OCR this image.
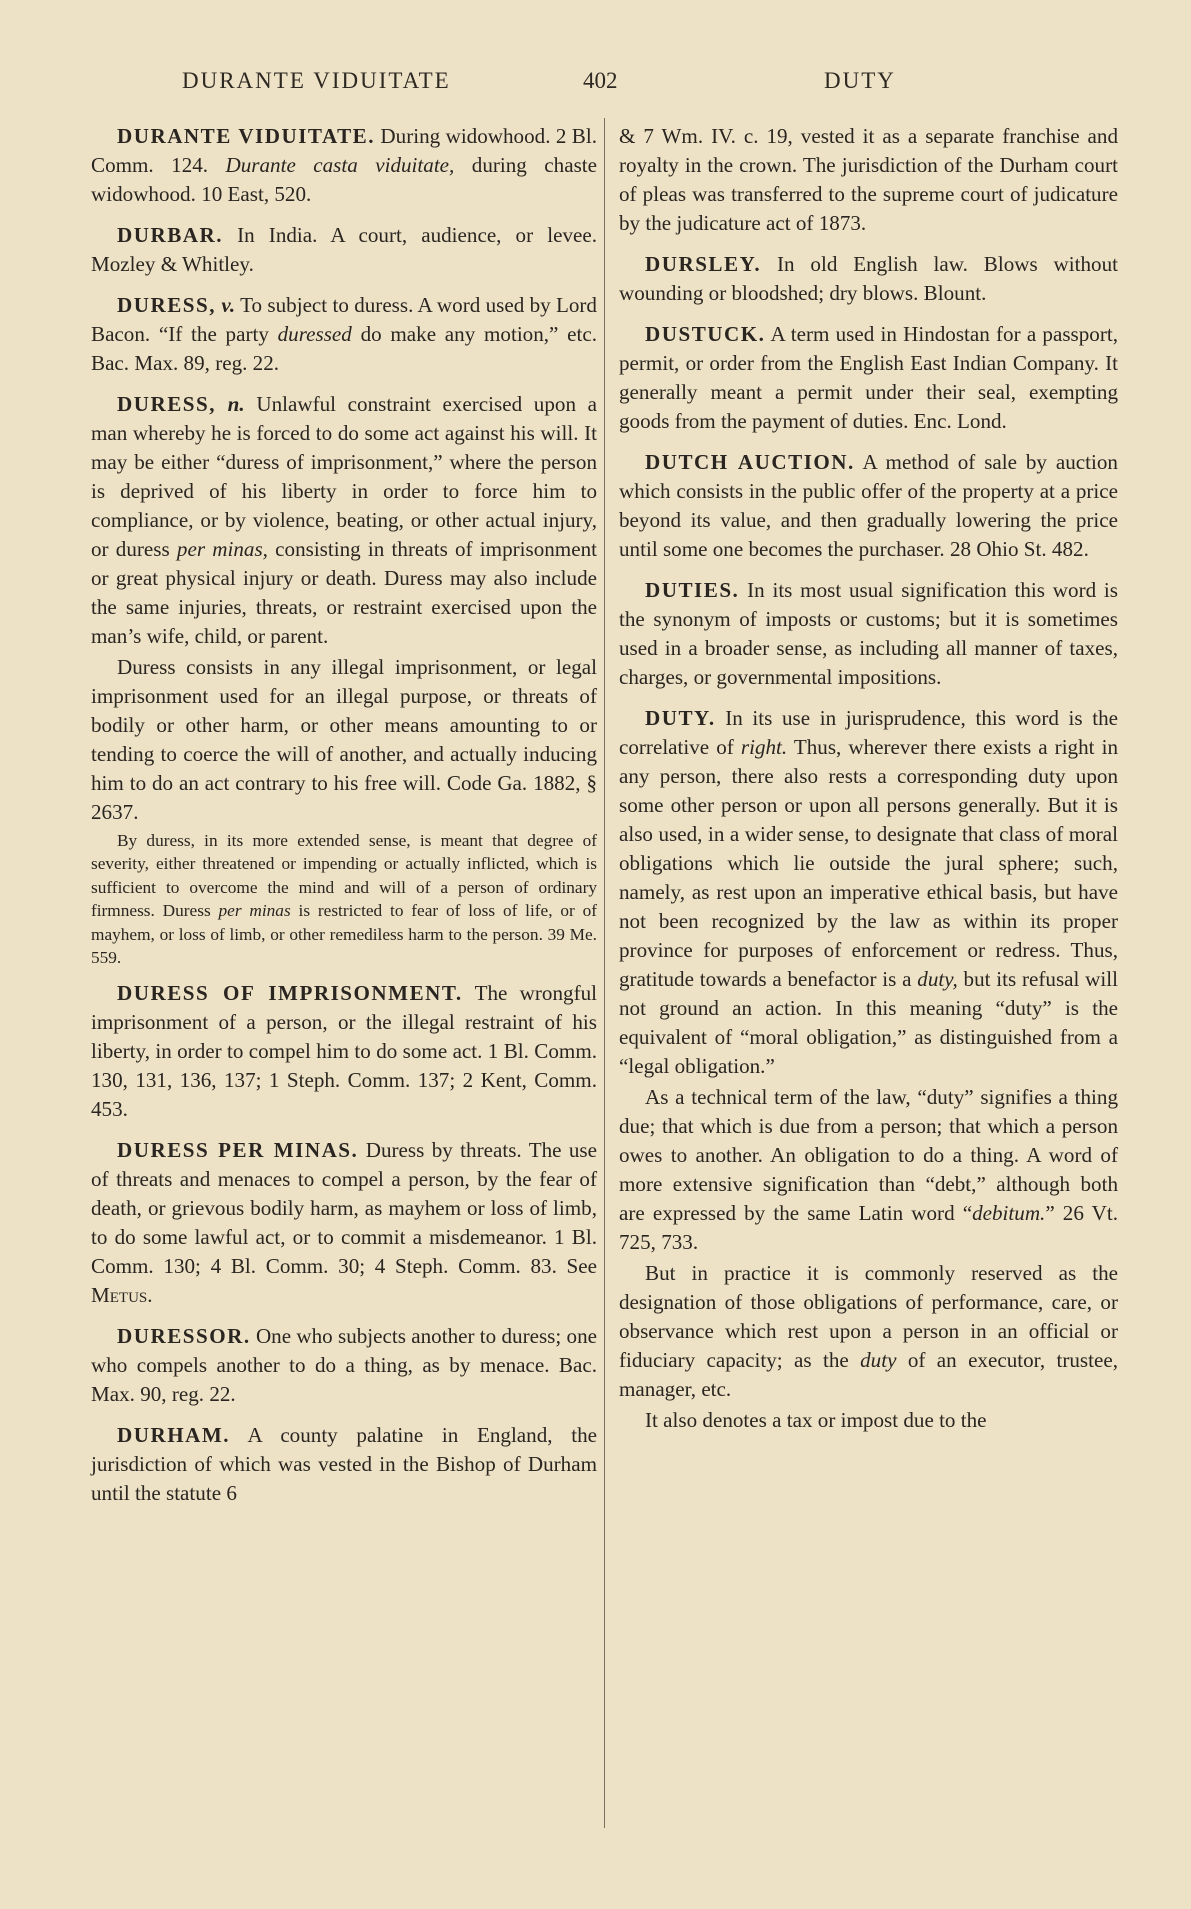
DURANTE VIDUITATE	402	DUTY

DURANTE VIDUITATE. During widowhood. 2 Bl. Comm. 124. Durante casta viduitate, during chaste widowhood. 10 East, 520.

DURBAR. In India. A court, audience, or levee. Mozley & Whitley.

DURESS, v. To subject to duress. A word used by Lord Bacon. “If the party duressed do make any motion,” etc. Bac. Max. 89, reg. 22.

DURESS, n. Unlawful constraint exercised upon a man whereby he is forced to do some act against his will. It may be either “duress of imprisonment,” where the person is deprived of his liberty in order to force him to compliance, or by violence, beating, or other actual injury, or duress per minas, consisting in threats of imprisonment or great physical injury or death. Duress may also include the same injuries, threats, or restraint exercised upon the man’s wife, child, or parent.

Duress consists in any illegal imprisonment, or legal imprisonment used for an illegal purpose, or threats of bodily or other harm, or other means amounting to or tending to coerce the will of another, and actually inducing him to do an act contrary to his free will. Code Ga. 1882, § 2637.

By duress, in its more extended sense, is meant that degree of severity, either threatened or impending or actually inflicted, which is sufficient to overcome the mind and will of a person of ordinary firmness. Duress per minas is restricted to fear of loss of life, or of mayhem, or loss of limb, or other remediless harm to the person. 39 Me. 559.

DURESS OF IMPRISONMENT. The wrongful imprisonment of a person, or the illegal restraint of his liberty, in order to compel him to do some act. 1 Bl. Comm. 130, 131, 136, 137; 1 Steph. Comm. 137; 2 Kent, Comm. 453.

DURESS PER MINAS. Duress by threats. The use of threats and menaces to compel a person, by the fear of death, or grievous bodily harm, as mayhem or loss of limb, to do some lawful act, or to commit a misdemeanor. 1 Bl. Comm. 130; 4 Bl. Comm. 30; 4 Steph. Comm. 83. See Metus.

DURESSOR. One who subjects another to duress; one who compels another to do a thing, as by menace. Bac. Max. 90, reg. 22.

DURHAM. A county palatine in England, the jurisdiction of which was vested in the Bishop of Durham until the statute 6

& 7 Wm. IV. c. 19, vested it as a separate franchise and royalty in the crown. The jurisdiction of the Durham court of pleas was transferred to the supreme court of judicature by the judicature act of 1873.

DURSLEY. In old English law. Blows without wounding or bloodshed; dry blows. Blount.

DUSTUCK. A term used in Hindostan for a passport, permit, or order from the English East Indian Company. It generally meant a permit under their seal, exempting goods from the payment of duties. Enc. Lond.

DUTCH AUCTION. A method of sale by auction which consists in the public offer of the property at a price beyond its value, and then gradually lowering the price until some one becomes the purchaser. 28 Ohio St. 482.

DUTIES. In its most usual signification this word is the synonym of imposts or customs; but it is sometimes used in a broader sense, as including all manner of taxes, charges, or governmental impositions.

DUTY. In its use in jurisprudence, this word is the correlative of right. Thus, wherever there exists a right in any person, there also rests a corresponding duty upon some other person or upon all persons generally. But it is also used, in a wider sense, to designate that class of moral obligations which lie outside the jural sphere; such, namely, as rest upon an imperative ethical basis, but have not been recognized by the law as within its proper province for purposes of enforcement or redress. Thus, gratitude towards a benefactor is a duty, but its refusal will not ground an action. In this meaning “duty” is the equivalent of “moral obligation,” as distinguished from a “legal obligation.”

As a technical term of the law, “duty” signifies a thing due; that which is due from a person; that which a person owes to another. An obligation to do a thing. A word of more extensive signification than “debt,” although both are expressed by the same Latin word “debitum.” 26 Vt. 725, 733.

But in practice it is commonly reserved as the designation of those obligations of performance, care, or observance which rest upon a person in an official or fiduciary capacity; as the duty of an executor, trustee, manager, etc.

It also denotes a tax or impost due to the
